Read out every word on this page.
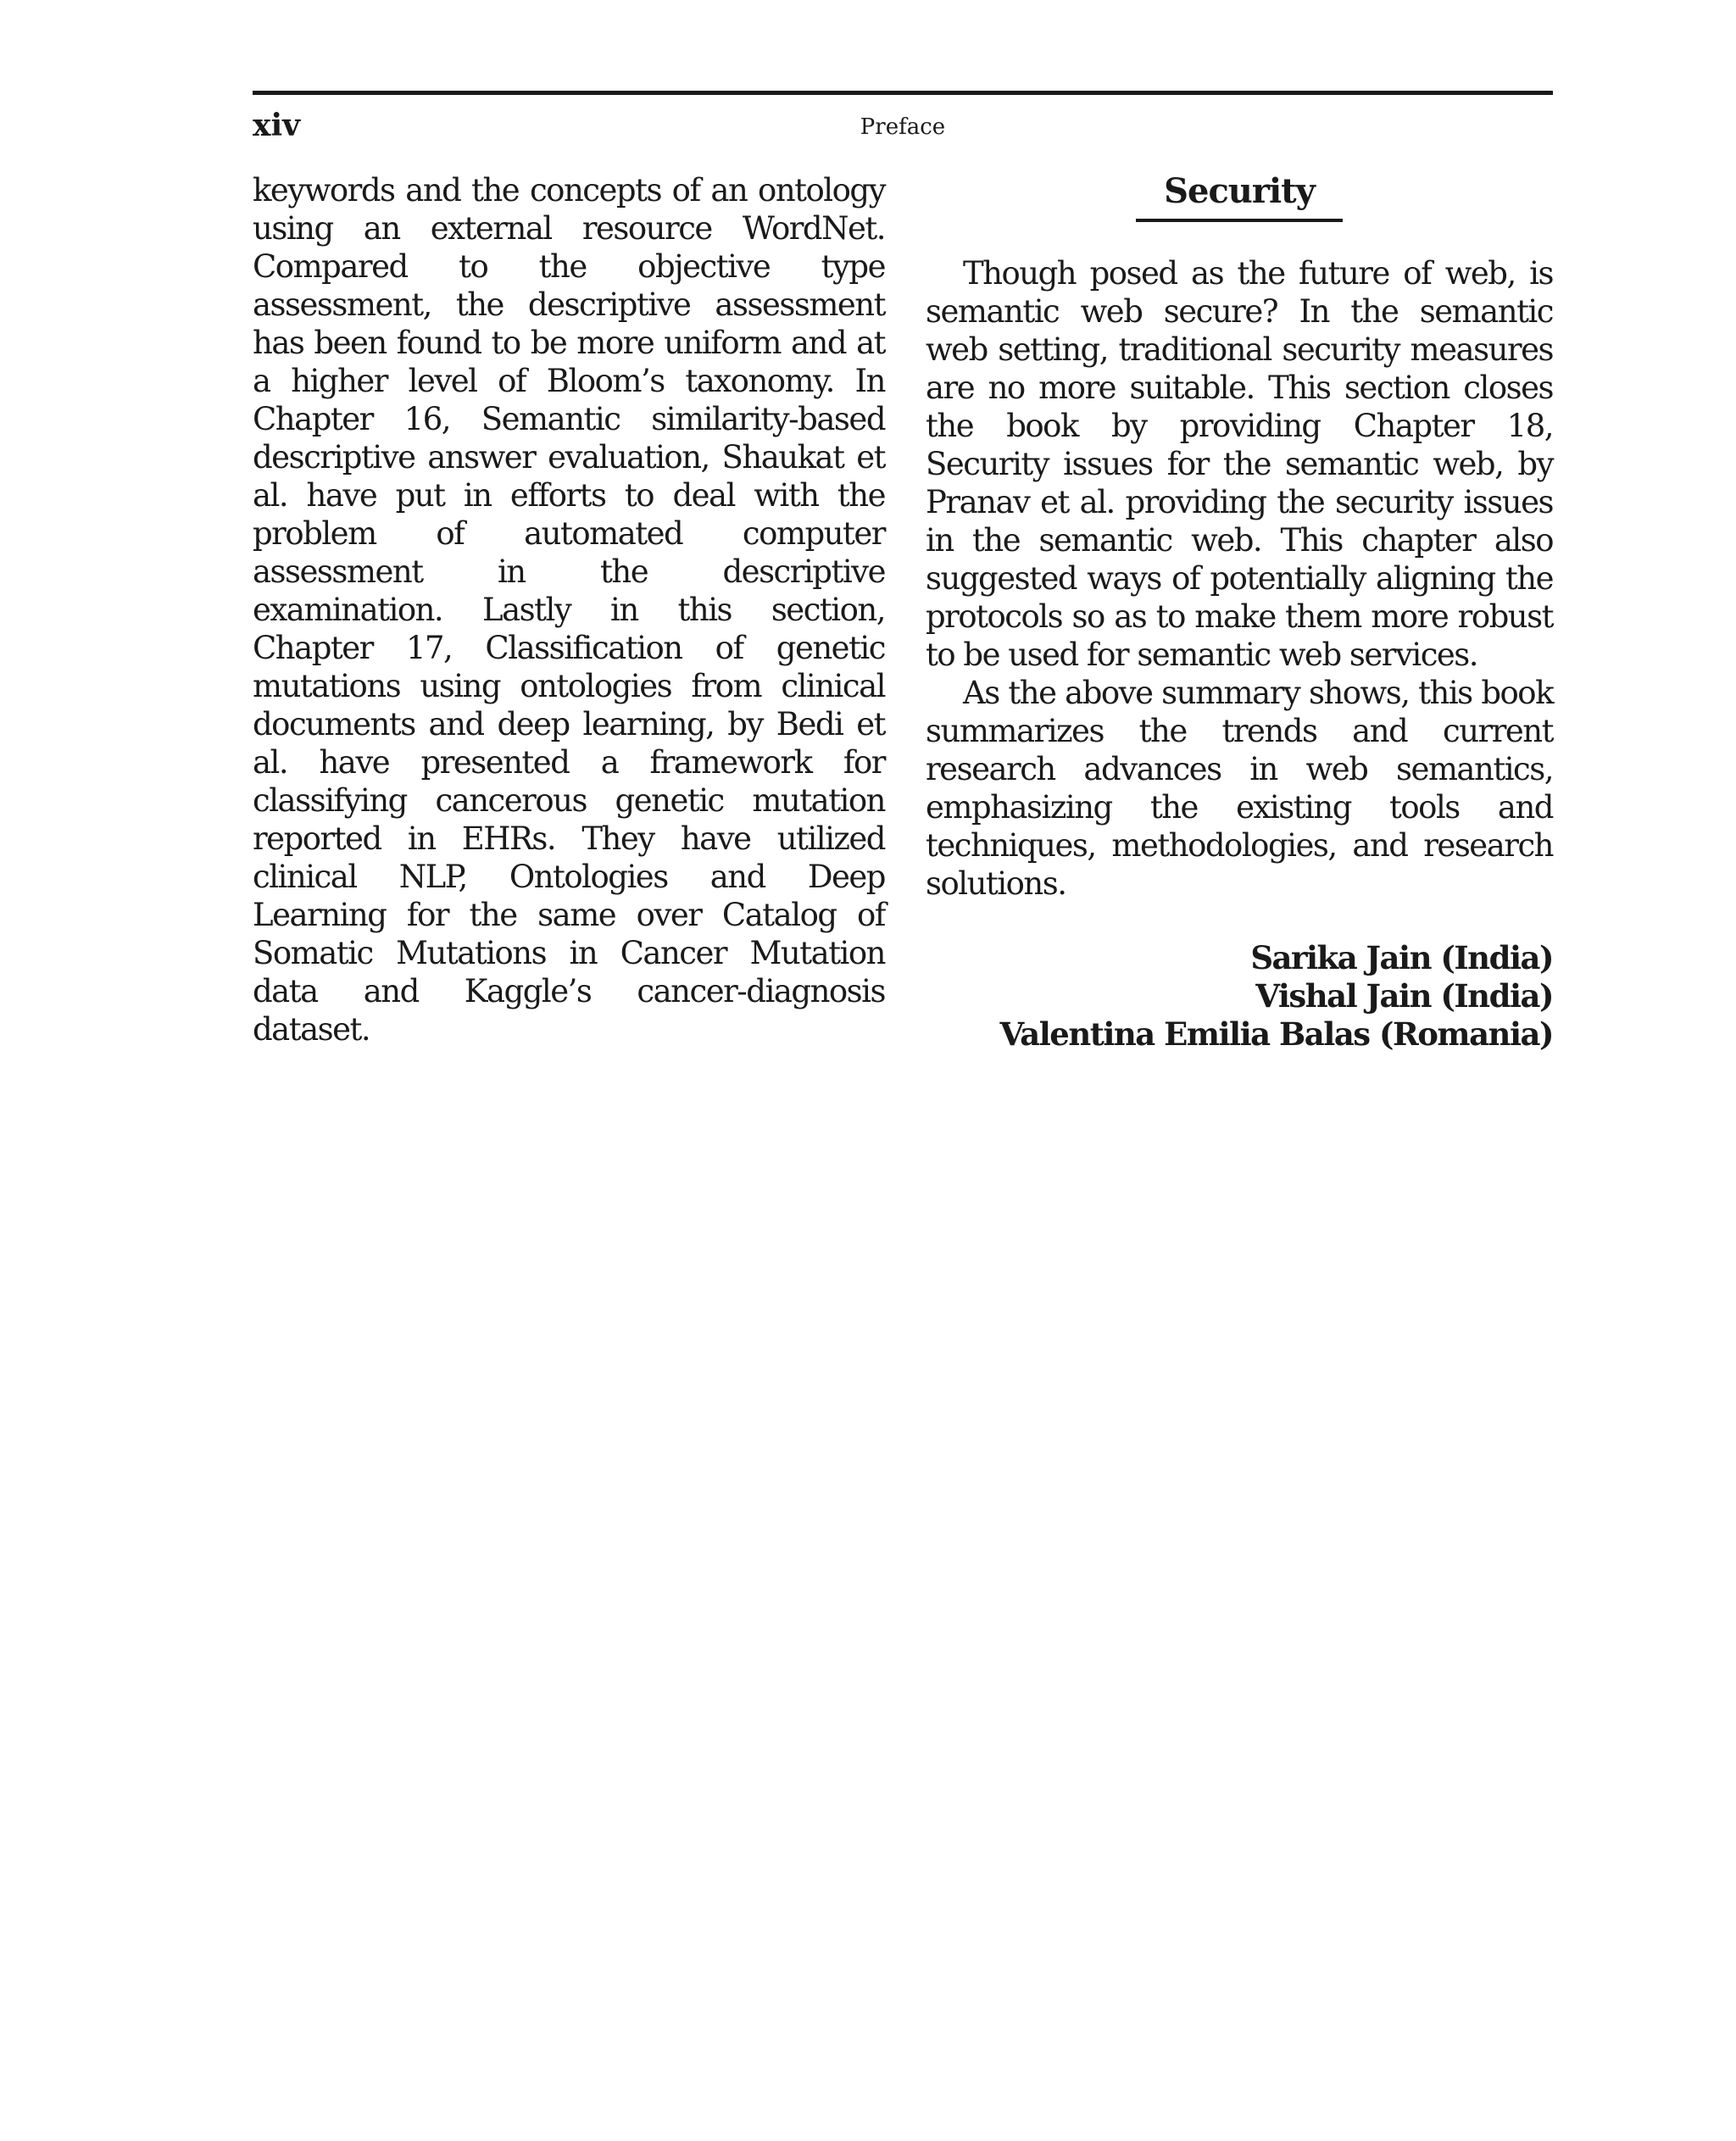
xiv	Preface
keywords and the concepts of an ontology using an external resource WordNet. Compared to the objective type assessment, the descriptive assessment has been found to be more uniform and at a higher level of Bloom’s taxonomy. In Chapter 16, Semantic similarity-based descriptive answer evaluation, Shaukat et al. have put in efforts to deal with the problem of automated computer assessment in the descriptive examination. Lastly in this section, Chapter 17, Classification of genetic mutations using ontologies from clinical documents and deep learning, by Bedi et al. have presented a framework for classifying cancerous genetic mutation reported in EHRs. They have utilized clinical NLP, Ontologies and Deep Learning for the same over Catalog of Somatic Mutations in Cancer Mutation data and Kaggle’s cancer-diagnosis dataset.
Security

Though posed as the future of web, is semantic web secure? In the semantic web setting, traditional security measures are no more suitable. This section closes the book by providing Chapter 18, Security issues for the semantic web, by Pranav et al. providing the security issues in the semantic web. This chapter also suggested ways of potentially aligning the protocols so as to make them more robust to be used for semantic web services.

As the above summary shows, this book summarizes the trends and current research advances in web semantics, emphasizing the existing tools and techniques, methodologies, and research solutions.

Sarika Jain (India)
Vishal Jain (India)
Valentina Emilia Balas (Romania)
